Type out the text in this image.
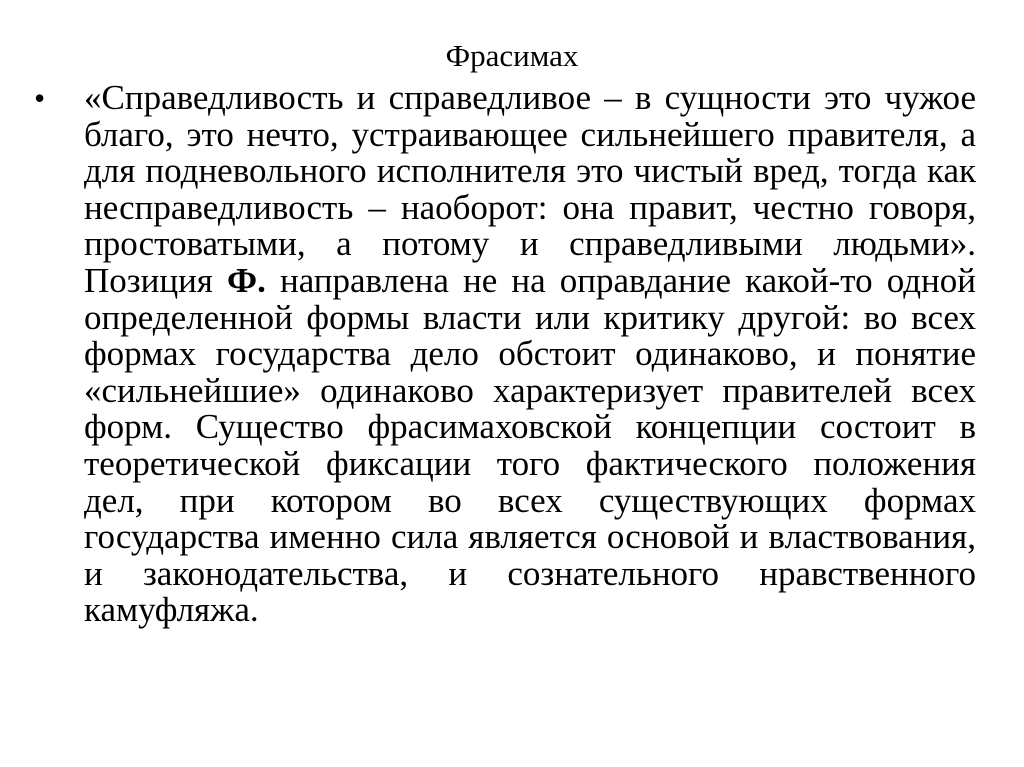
Фрасимах

• «Справедливость и справедливое – в сущности это чужое благо, это нечто, устраивающее сильнейшего правителя, а для подневольного исполнителя это чистый вред, тогда как несправедливость – наоборот: она правит, честно говоря, простоватыми, а потому и справедливыми людьми». Позиция Ф. направлена не на оправдание какой-то одной определенной формы власти или критику другой: во всех формах государства дело обстоит одинаково, и понятие «сильнейшие» одинаково характеризует правителей всех форм. Существо фрасимаховской концепции состоит в теоретической фиксации того фактического положения дел, при котором во всех существующих формах государства именно сила является основой и властвования, и законодательства, и сознательного нравственного камуфляжа.
